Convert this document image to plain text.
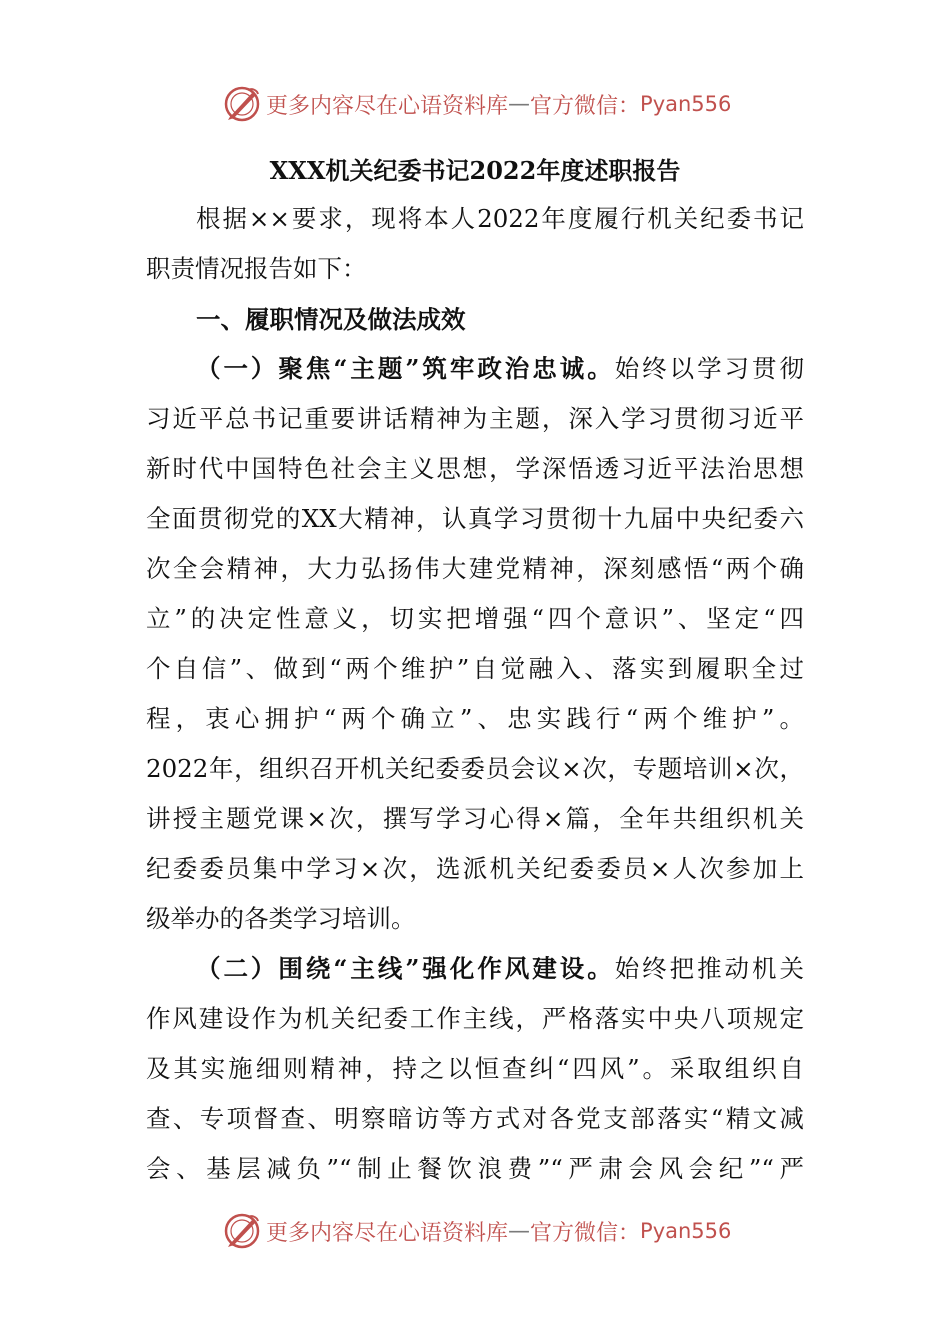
更多内容尽在心语资料库 — 官方微信： Pyan556
XXX机关纪委书记2022年度述职报告
根据××要求，现将本人2022年度履行机关纪委书记
职责情况报告如下：
一、履职情况及做法成效
（一）聚焦“主题”筑牢政治忠诚。始终以学习贯彻
习近平总书记重要讲话精神为主题，深入学习贯彻习近平
新时代中国特色社会主义思想，学深悟透习近平法治思想
全面贯彻党的XX大精神，认真学习贯彻十九届中央纪委六
次全会精神，大力弘扬伟大建党精神，深刻感悟“两个确
立”的决定性意义，切实把增强“四个意识”、坚定“四
个自信”、做到“两个维护”自觉融入、落实到履职全过
程，衷心拥护“两个确立”、忠实践行“两个维护”。
2022年，组织召开机关纪委委员会议×次，专题培训×次，
讲授主题党课×次，撰写学习心得×篇，全年共组织机关
纪委委员集中学习×次，选派机关纪委委员×人次参加上
级举办的各类学习培训。
（二）围绕“主线”强化作风建设。始终把推动机关
作风建设作为机关纪委工作主线，严格落实中央八项规定
及其实施细则精神，持之以恒查纠“四风”。采取组织自
查、专项督查、明察暗访等方式对各党支部落实“精文减
会、基层减负”“制止餐饮浪费”“严肃会风会纪”“严
更多内容尽在心语资料库 — 官方微信： Pyan556
